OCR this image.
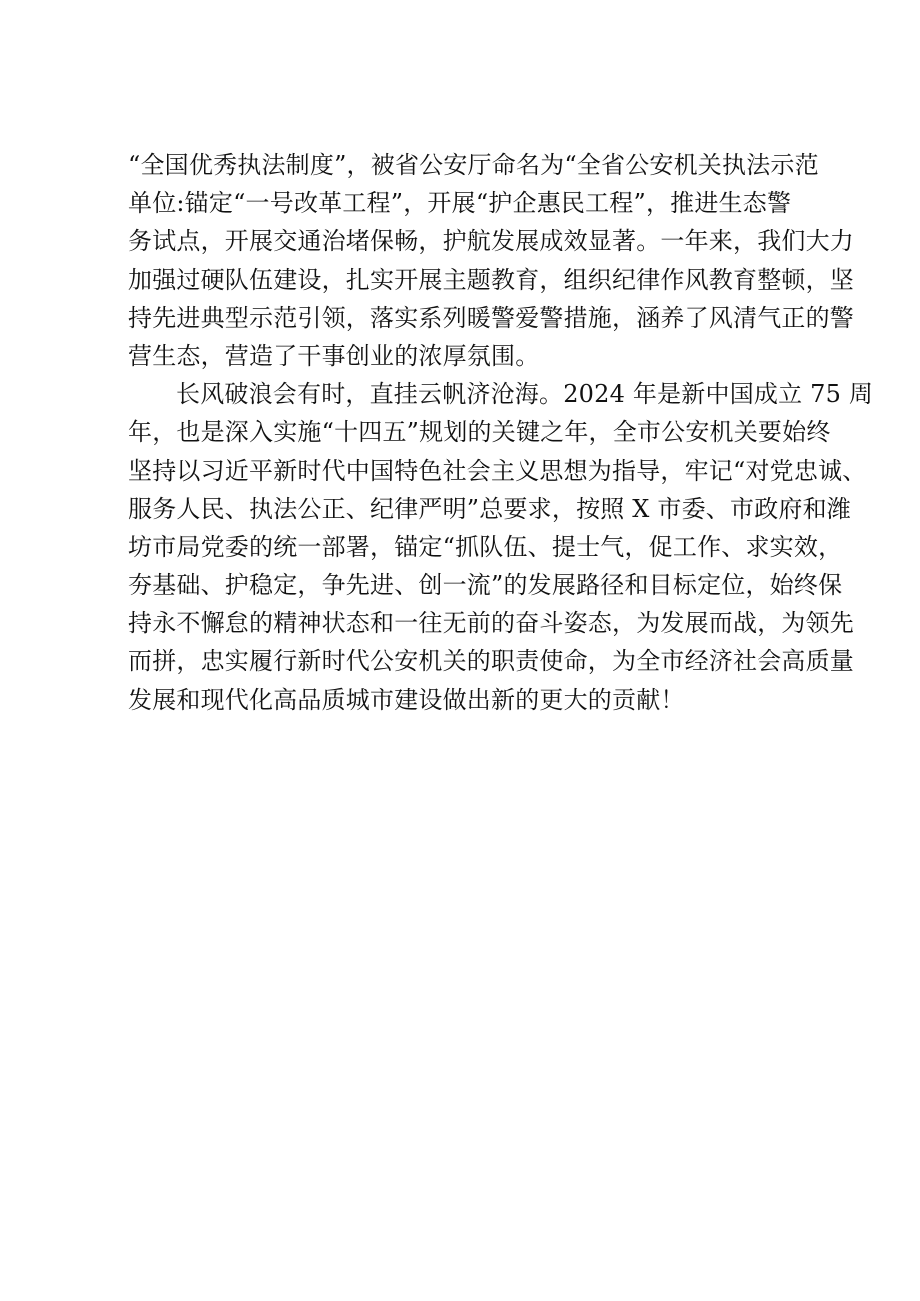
“全国优秀执法制度”，被省公安厅命名为“全省公安机关执法示范
单位:锚定“一号改革工程”，开展“护企惠民工程”，推进生态警
务试点，开展交通治堵保畅，护航发展成效显著。一年来，我们大力
加强过硬队伍建设，扎实开展主题教育，组织纪律作风教育整顿，坚
持先进典型示范引领，落实系列暖警爱警措施，涵养了风清气正的警
营生态，营造了干事创业的浓厚氛围。
长风破浪会有时，直挂云帆济沧海。2024 年是新中国成立 75 周
年，也是深入实施“十四五”规划的关键之年，全市公安机关要始终
坚持以习近平新时代中国特色社会主义思想为指导，牢记“对党忠诚、
服务人民、执法公正、纪律严明”总要求，按照 X 市委、市政府和潍
坊市局党委的统一部署，锚定“抓队伍、提士气，促工作、求实效，
夯基础、护稳定，争先进、创一流”的发展路径和目标定位，始终保
持永不懈怠的精神状态和一往无前的奋斗姿态，为发展而战，为领先
而拼，忠实履行新时代公安机关的职责使命，为全市经济社会高质量
发展和现代化高品质城市建设做出新的更大的贡献！
